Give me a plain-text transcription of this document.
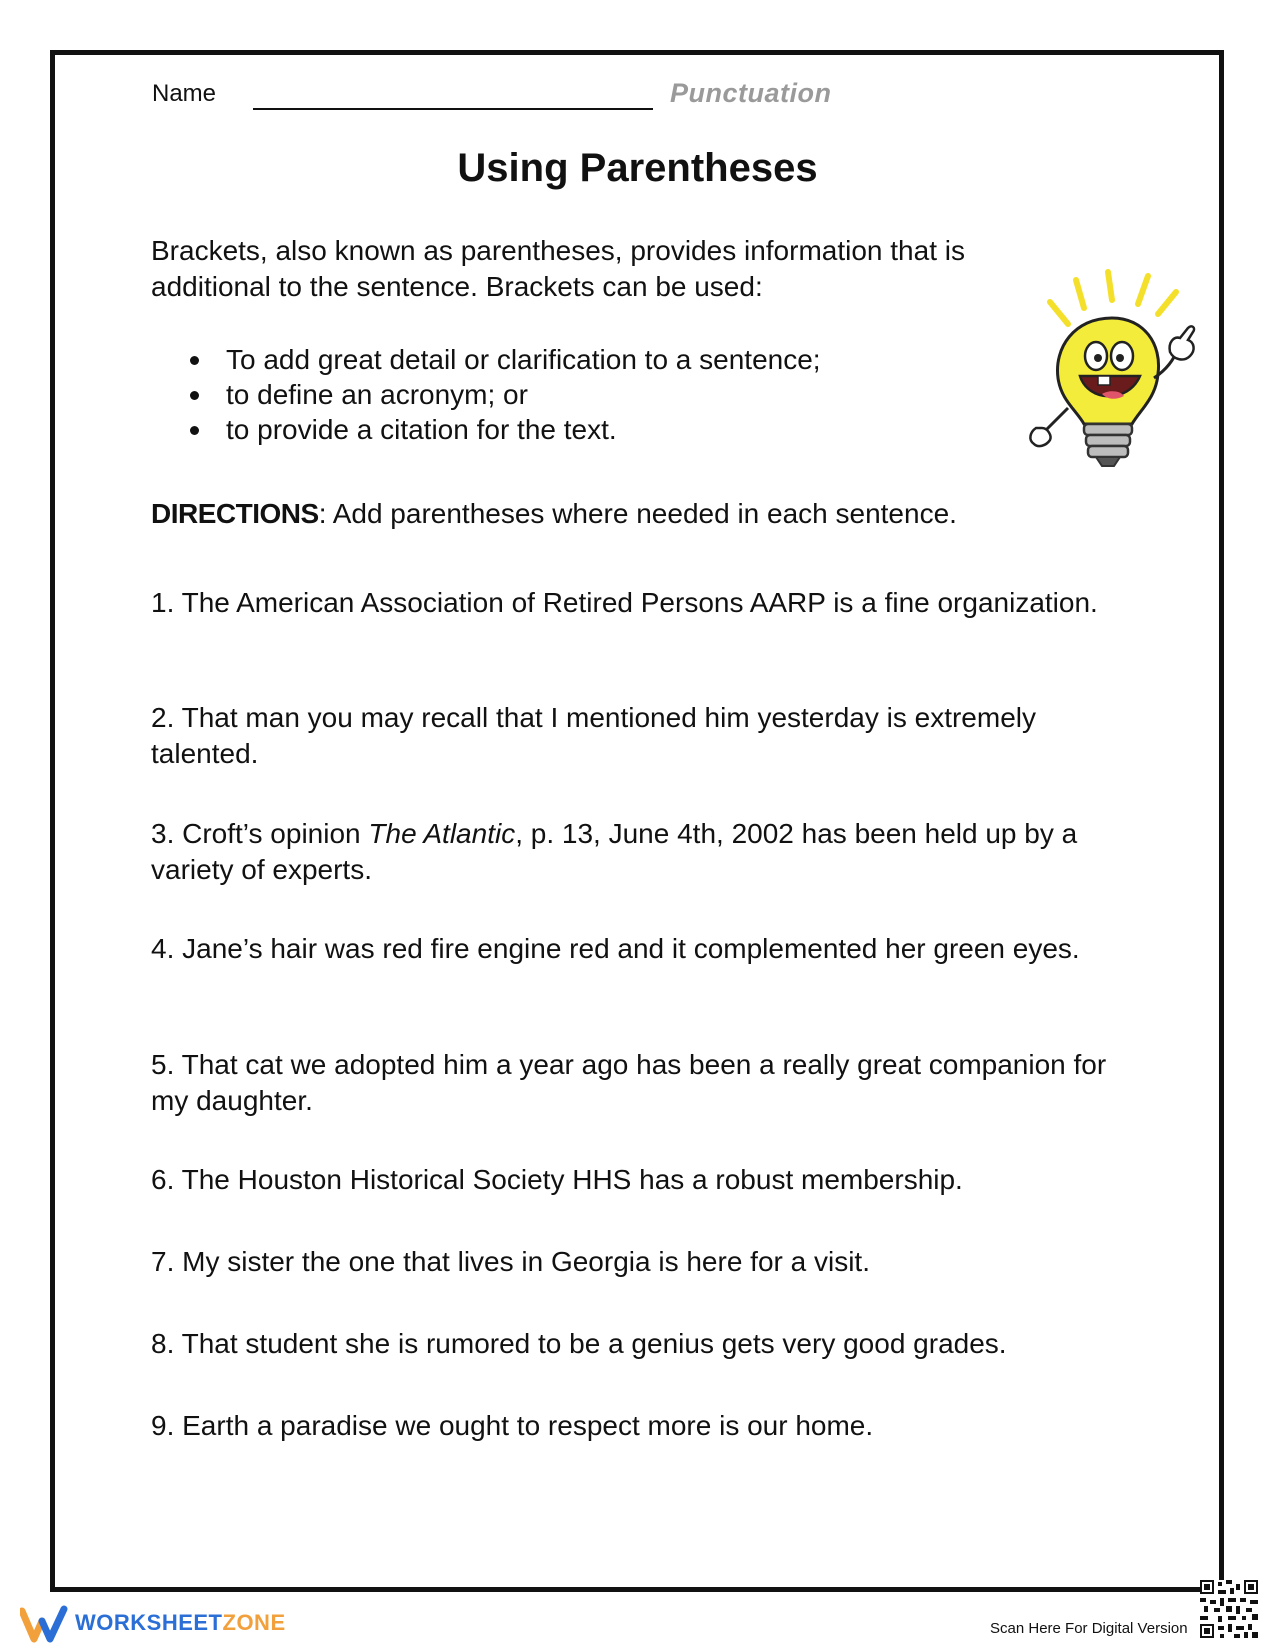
Name	Punctuation
Using Parentheses
Brackets, also known as parentheses, provides information that is additional to the sentence. Brackets can be used:
To add great detail or clarification to a sentence;
to define an acronym; or
to provide a citation for the text.
DIRECTIONS: Add parentheses where needed in each sentence.
1. The American Association of Retired Persons AARP is a fine organization.
2. That man you may recall that I mentioned him yesterday is extremely talented.
3. Croft’s opinion The Atlantic, p. 13, June 4th, 2002 has been held up by a variety of experts.
4. Jane’s hair was red fire engine red and it complemented her green eyes.
5. That cat we adopted him a year ago has been a really great companion for my daughter.
6. The Houston Historical Society HHS has a robust membership.
7. My sister the one that lives in Georgia is here for a visit.
8. That student she is rumored to be a genius gets very good grades.
9. Earth a paradise we ought to respect more is our home.
WORKSHEETZONE	Scan Here For Digital Version
